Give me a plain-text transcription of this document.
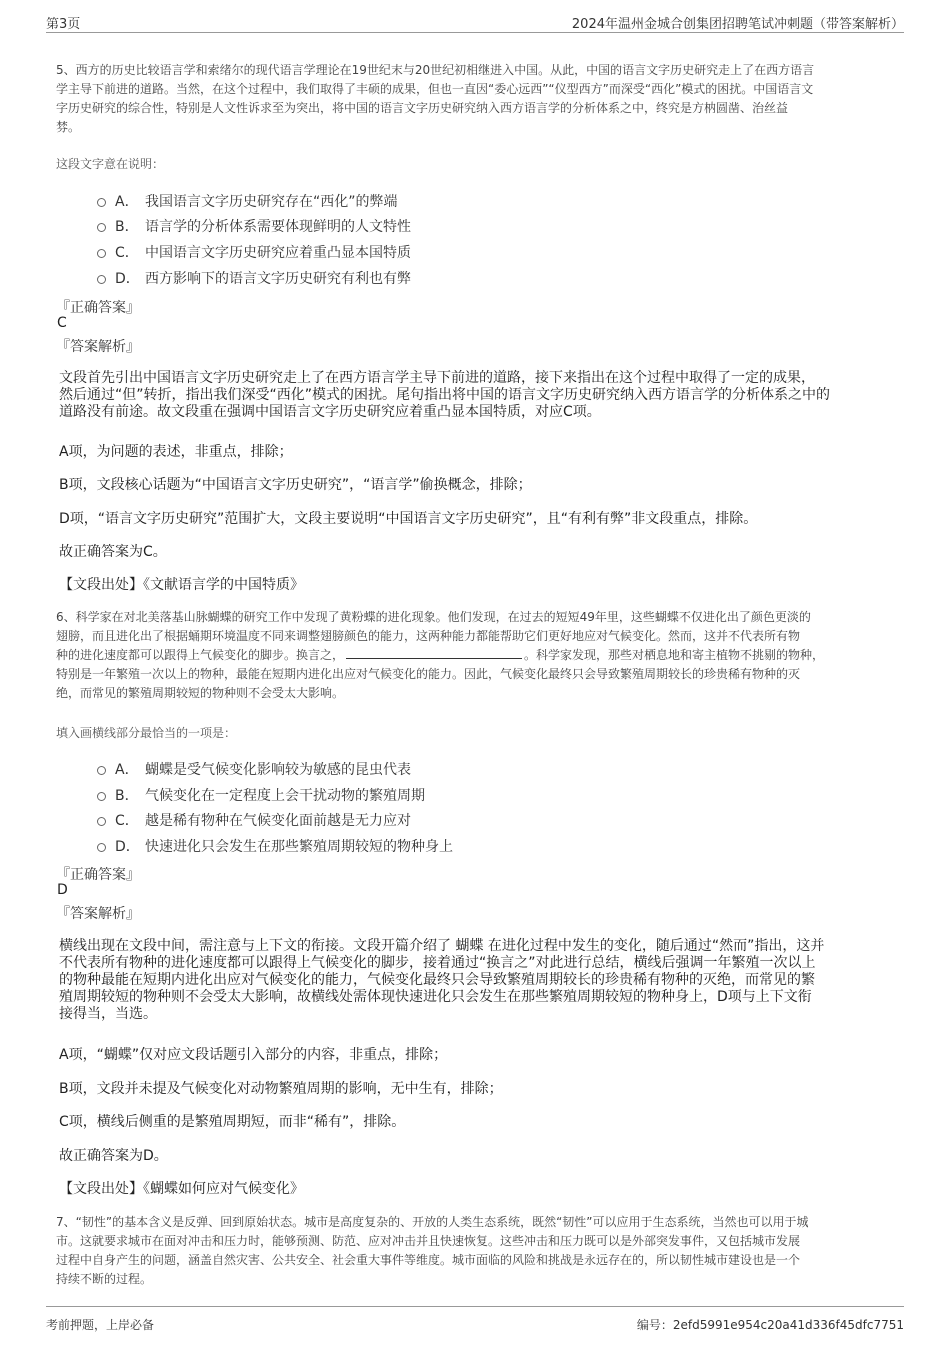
第3页	2024年温州金城合创集团招聘笔试冲刺题（带答案解析）
5、西方的历史比较语言学和索绪尔的现代语言学理论在19世纪末与20世纪初相继进入中国。从此，中国的语言文字历史研究走上了在西方语言
学主导下前进的道路。当然，在这个过程中，我们取得了丰硕的成果，但也一直因“委心远西”“仪型西方”而深受“西化”模式的困扰。中国语言文
字历史研究的综合性，特别是人文性诉求至为突出，将中国的语言文字历史研究纳入西方语言学的分析体系之中，终究是方枘圆凿、治丝益
棼。
这段文字意在说明：
A． 我国语言文字历史研究存在“西化”的弊端
B． 语言学的分析体系需要体现鲜明的人文特性
C． 中国语言文字历史研究应着重凸显本国特质
D． 西方影响下的语言文字历史研究有利也有弊
『正确答案』
C
『答案解析』
文段首先引出中国语言文字历史研究走上了在西方语言学主导下前进的道路，接下来指出在这个过程中取得了一定的成果，
然后通过“但”转折，指出我们深受“西化”模式的困扰。尾句指出将中国的语言文字历史研究纳入西方语言学的分析体系之中的
道路没有前途。故文段重在强调中国语言文字历史研究应着重凸显本国特质，对应C项。
A项，为问题的表述，非重点，排除；
B项，文段核心话题为“中国语言文字历史研究”，“语言学”偷换概念，排除；
D项，“语言文字历史研究”范围扩大，文段主要说明“中国语言文字历史研究”，且“有利有弊”非文段重点，排除。
故正确答案为C。
【文段出处】《文献语言学的中国特质》
6、科学家在对北美落基山脉蝴蝶的研究工作中发现了黄粉蝶的进化现象。他们发现，在过去的短短49年里，这些蝴蝶不仅进化出了颜色更淡的
翅膀，而且进化出了根据蛹期环境温度不同来调整翅膀颜色的能力，这两种能力都能帮助它们更好地应对气候变化。然而，这并不代表所有物
种的进化速度都可以跟得上气候变化的脚步。换言之，	。科学家发现，那些对栖息地和寄主植物不挑剔的物种，
特别是一年繁殖一次以上的物种，最能在短期内进化出应对气候变化的能力。因此，气候变化最终只会导致繁殖周期较长的珍贵稀有物种的灭
绝，而常见的繁殖周期较短的物种则不会受太大影响。
填入画横线部分最恰当的一项是：
A． 蝴蝶是受气候变化影响较为敏感的昆虫代表
B． 气候变化在一定程度上会干扰动物的繁殖周期
C． 越是稀有物种在气候变化面前越是无力应对
D． 快速进化只会发生在那些繁殖周期较短的物种身上
『正确答案』
D
『答案解析』
横线出现在文段中间，需注意与上下文的衔接。文段开篇介绍了 蝴蝶 在进化过程中发生的变化，随后通过“然而”指出，这并
不代表所有物种的进化速度都可以跟得上气候变化的脚步，接着通过“换言之”对此进行总结，横线后强调一年繁殖一次以上
的物种最能在短期内进化出应对气候变化的能力，气候变化最终只会导致繁殖周期较长的珍贵稀有物种的灭绝，而常见的繁
殖周期较短的物种则不会受太大影响，故横线处需体现快速进化只会发生在那些繁殖周期较短的物种身上，D项与上下文衔
接得当，当选。
A项，“蝴蝶”仅对应文段话题引入部分的内容，非重点，排除；
B项，文段并未提及气候变化对动物繁殖周期的影响，无中生有，排除；
C项，横线后侧重的是繁殖周期短，而非“稀有”，排除。
故正确答案为D。
【文段出处】《蝴蝶如何应对气候变化》
7、“韧性”的基本含义是反弹、回到原始状态。城市是高度复杂的、开放的人类生态系统，既然“韧性”可以应用于生态系统，当然也可以用于城
市。这就要求城市在面对冲击和压力时，能够预测、防范、应对冲击并且快速恢复。这些冲击和压力既可以是外部突发事件，又包括城市发展
过程中自身产生的问题，涵盖自然灾害、公共安全、社会重大事件等维度。城市面临的风险和挑战是永远存在的，所以韧性城市建设也是一个
持续不断的过程。
考前押题，上岸必备	编号：2efd5991e954c20a41d336f45dfc7751
